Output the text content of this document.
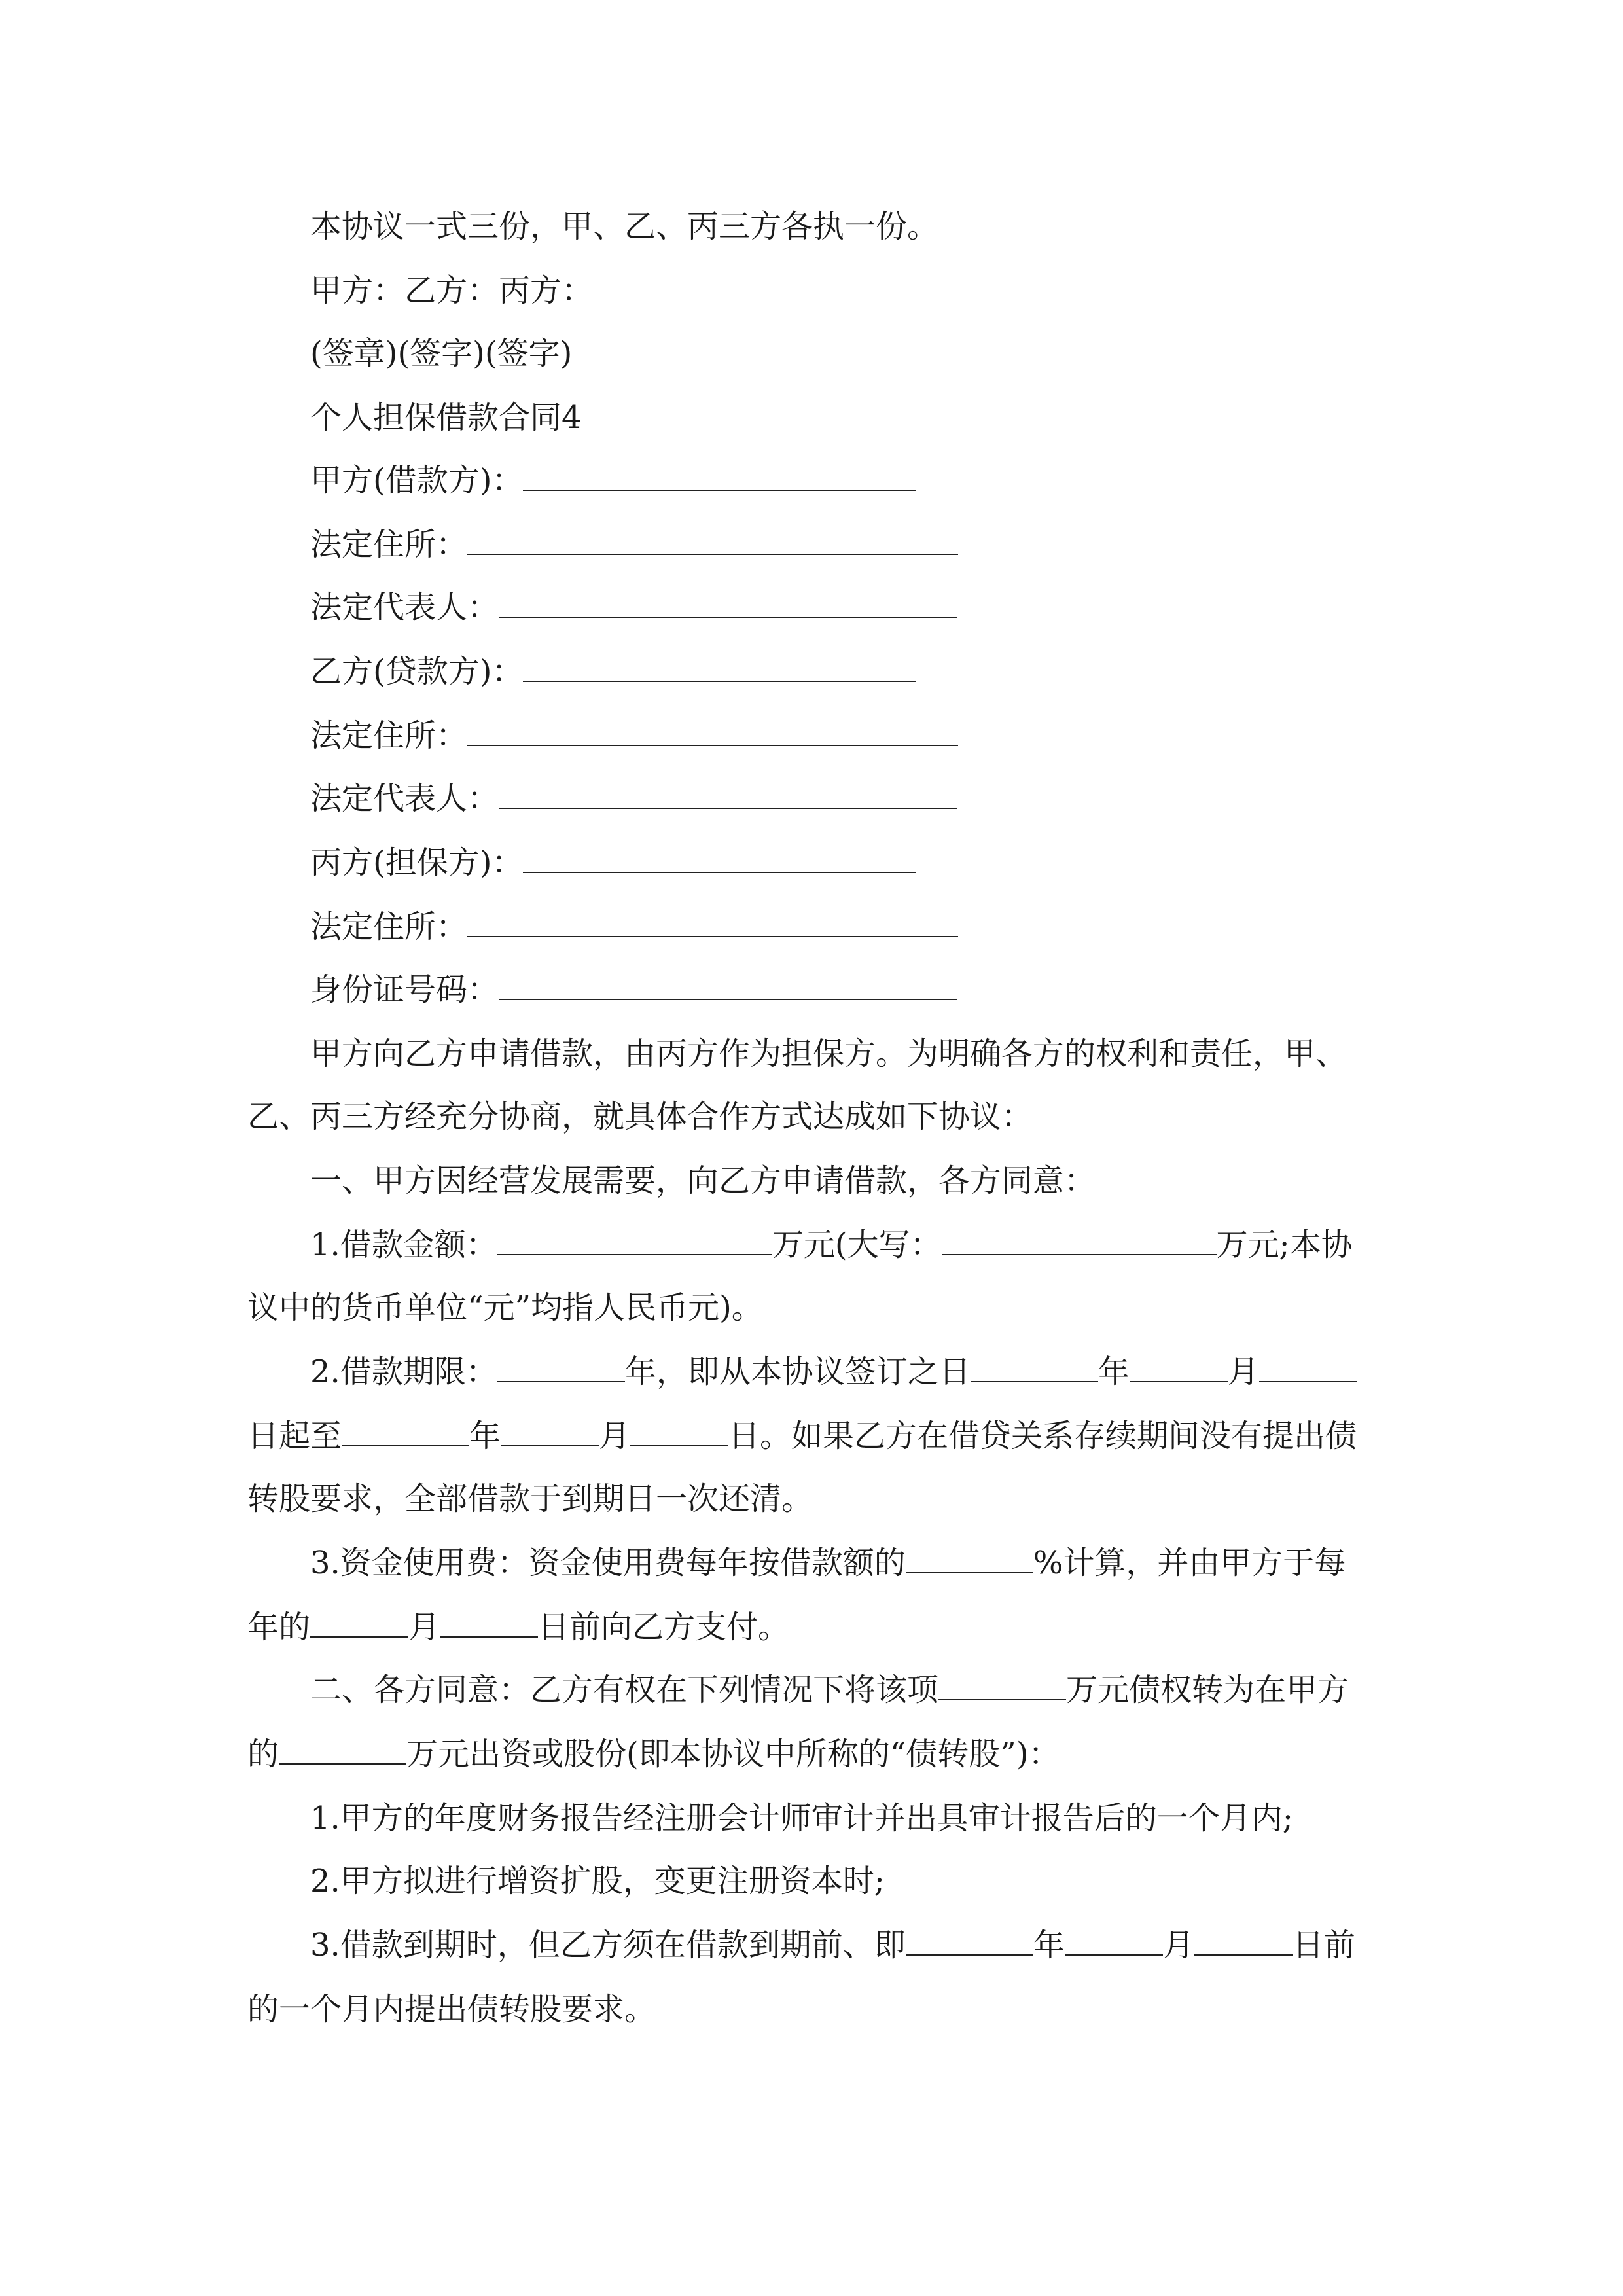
本协议一式三份，甲、乙、丙三方各执一份。
甲方：乙方：丙方：
(签章)(签字)(签字)
个人担保借款合同4
甲方(借款方)：
法定住所：
法定代表人：
乙方(贷款方)：
法定住所：
法定代表人：
丙方(担保方)：
法定住所：
身份证号码：
甲方向乙方申请借款，由丙方作为担保方。为明确各方的权利和责任，甲、
乙、丙三方经充分协商，就具体合作方式达成如下协议：
一、甲方因经营发展需要，向乙方申请借款，各方同意：
1.借款金额：	万元(大写：	万元;本协
议中的货币单位“元”均指人民币元)。
2.借款期限：	年，即从本协议签订之日	年	月
日起至	年	月	日。如果乙方在借贷关系存续期间没有提出债
转股要求，全部借款于到期日一次还清。
3.资金使用费：资金使用费每年按借款额的	%计算，并由甲方于每
年的	月	日前向乙方支付。
二、各方同意：乙方有权在下列情况下将该项	万元债权转为在甲方
的	万元出资或股份(即本协议中所称的“债转股”)：
1.甲方的年度财务报告经注册会计师审计并出具审计报告后的一个月内;
2.甲方拟进行增资扩股，变更注册资本时;
3.借款到期时，但乙方须在借款到期前、即	年	月	日前
的一个月内提出债转股要求。
